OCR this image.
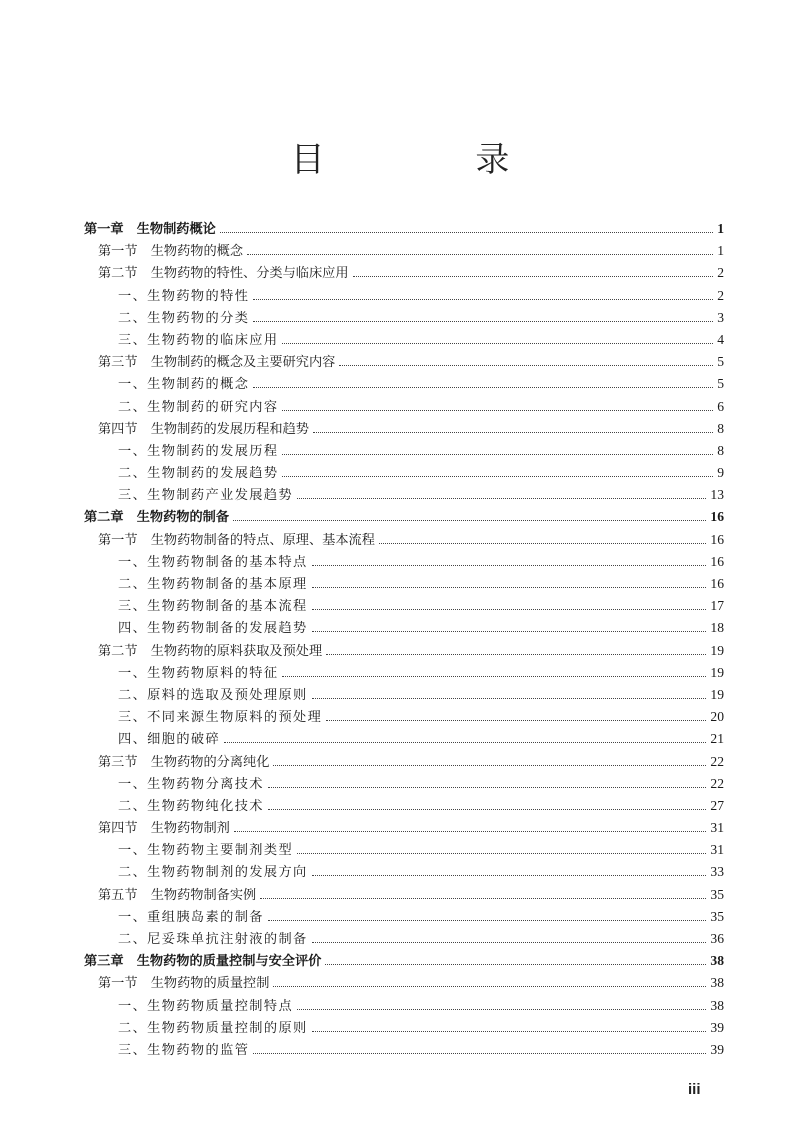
目 录
第一章　生物制药概论	1
第一节　生物药物的概念	1
第二节　生物药物的特性、分类与临床应用	2
一、生物药物的特性	2
二、生物药物的分类	3
三、生物药物的临床应用	4
第三节　生物制药的概念及主要研究内容	5
一、生物制药的概念	5
二、生物制药的研究内容	6
第四节　生物制药的发展历程和趋势	8
一、生物制药的发展历程	8
二、生物制药的发展趋势	9
三、生物制药产业发展趋势	13
第二章　生物药物的制备	16
第一节　生物药物制备的特点、原理、基本流程	16
一、生物药物制备的基本特点	16
二、生物药物制备的基本原理	16
三、生物药物制备的基本流程	17
四、生物药物制备的发展趋势	18
第二节　生物药物的原料获取及预处理	19
一、生物药物原料的特征	19
二、原料的选取及预处理原则	19
三、不同来源生物原料的预处理	20
四、细胞的破碎	21
第三节　生物药物的分离纯化	22
一、生物药物分离技术	22
二、生物药物纯化技术	27
第四节　生物药物制剂	31
一、生物药物主要制剂类型	31
二、生物药物制剂的发展方向	33
第五节　生物药物制备实例	35
一、重组胰岛素的制备	35
二、尼妥珠单抗注射液的制备	36
第三章　生物药物的质量控制与安全评价	38
第一节　生物药物的质量控制	38
一、生物药物质量控制特点	38
二、生物药物质量控制的原则	39
三、生物药物的监管	39
iii
